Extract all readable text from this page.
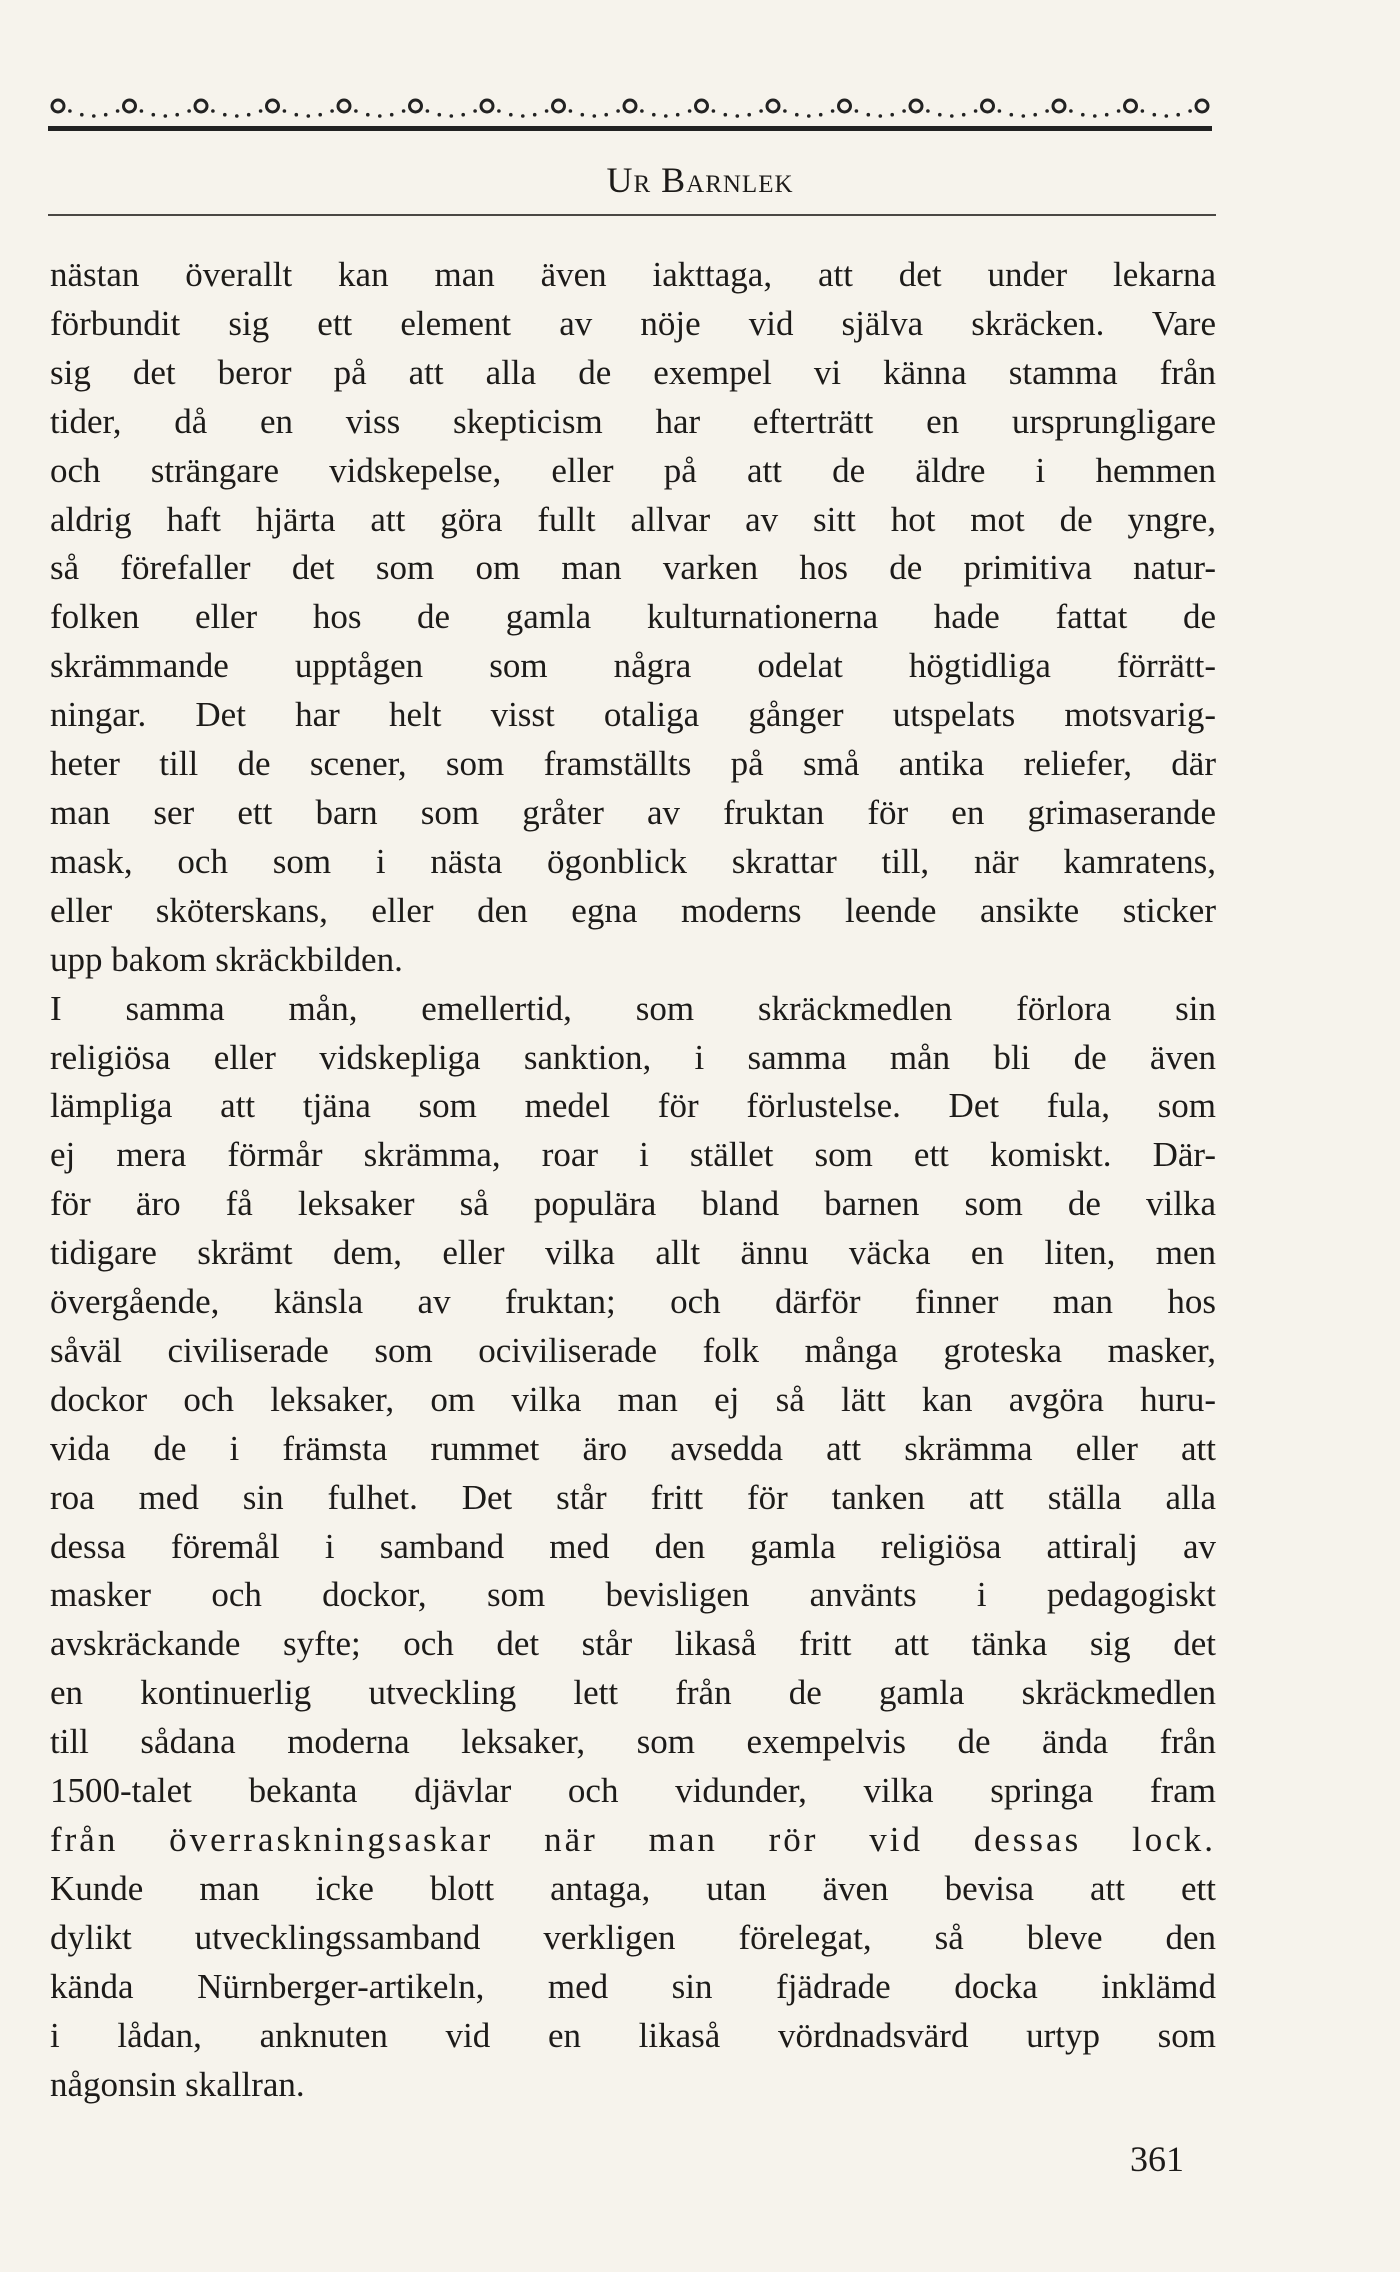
Ur Barnlek
nästan överallt kan man även iakttaga, att det under lekarna
förbundit sig ett element av nöje vid själva skräcken. Vare
sig det beror på att alla de exempel vi känna stamma från
tider, då en viss skepticism har efterträtt en ursprungligare
och strängare vidskepelse, eller på att de äldre i hemmen
aldrig haft hjärta att göra fullt allvar av sitt hot mot de yngre,
så förefaller det som om man varken hos de primitiva natur-
folken eller hos de gamla kulturnationerna hade fattat de
skrämmande upptågen som några odelat högtidliga förrätt-
ningar. Det har helt visst otaliga gånger utspelats motsvarig-
heter till de scener, som framställts på små antika reliefer, där
man ser ett barn som gråter av fruktan för en grimaserande
mask, och som i nästa ögonblick skrattar till, när kamratens,
eller sköterskans, eller den egna moderns leende ansikte sticker
upp bakom skräckbilden.
I samma mån, emellertid, som skräckmedlen förlora sin
religiösa eller vidskepliga sanktion, i samma mån bli de även
lämpliga att tjäna som medel för förlustelse. Det fula, som
ej mera förmår skrämma, roar i stället som ett komiskt. Där-
för äro få leksaker så populära bland barnen som de vilka
tidigare skrämt dem, eller vilka allt ännu väcka en liten, men
övergående, känsla av fruktan; och därför finner man hos
såväl civiliserade som ociviliserade folk många groteska masker,
dockor och leksaker, om vilka man ej så lätt kan avgöra huru-
vida de i främsta rummet äro avsedda att skrämma eller att
roa med sin fulhet. Det står fritt för tanken att ställa alla
dessa föremål i samband med den gamla religiösa attiralj av
masker och dockor, som bevisligen använts i pedagogiskt
avskräckande syfte; och det står likaså fritt att tänka sig det
en kontinuerlig utveckling lett från de gamla skräckmedlen
till sådana moderna leksaker, som exempelvis de ända från
1500-talet bekanta djävlar och vidunder, vilka springa fram
från överraskningsaskar när man rör vid dessas lock.
Kunde man icke blott antaga, utan även bevisa att ett
dylikt utvecklingssamband verkligen förelegat, så bleve den
kända Nürnberger-artikeln, med sin fjädrade docka inklämd
i lådan, anknuten vid en likaså vördnadsvärd urtyp som
någonsin skallran.
361
